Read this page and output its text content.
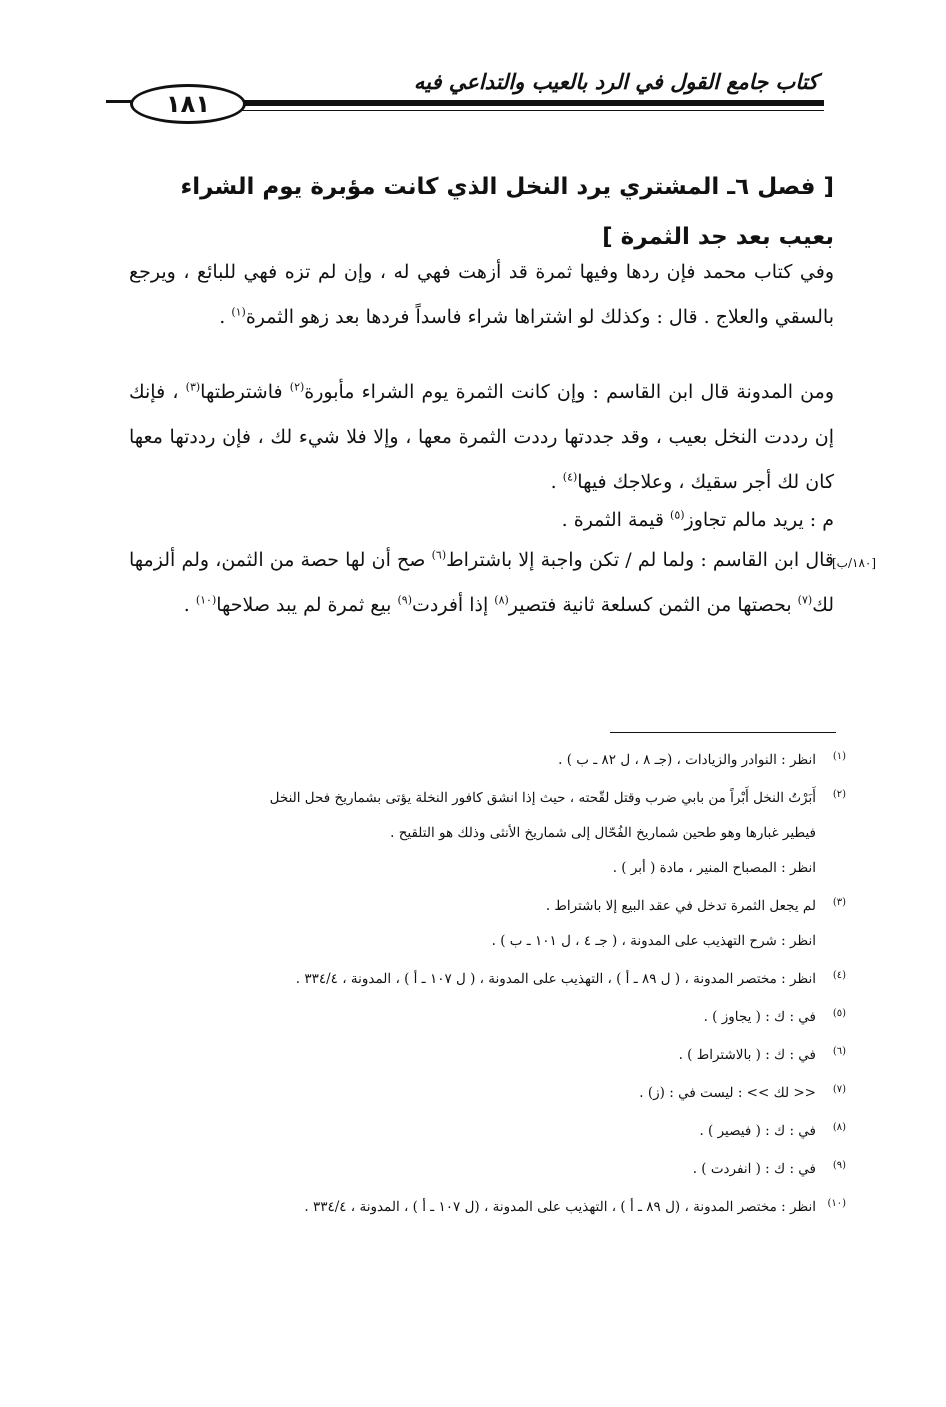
كتاب جامع القول في الرد بالعيب والتداعي فيه
١٨١
[ فصل ٦ـ المشتري يرد النخل الذي كانت مؤبرة يوم الشراء بعيب بعد جد الثمرة ]
وفي كتاب محمد فإن ردها وفيها ثمرة قد أزهت فهي له ، وإن لم تزه فهي للبائع ، ويرجع بالسقي والعلاج . قال : وكذلك لو اشتراها شراء فاسداً فردها بعد زهو الثمرة$^{(١)}$ .
ومن المدونة قال ابن القاسم : وإن كانت الثمرة يوم الشراء مأبورة$^{(٢)}$ فاشترطتها$^{(٣)}$ ، فإنك إن رددت النخل بعيب ، وقد جددتها رددت الثمرة معها ، وإلا فلا شيء لك ، فإن رددتها معها كان لك أجر سقيك ، وعلاجك فيها$^{(٤)}$ .
م : يريد مالم تجاوز$^{(٥)}$ قيمة الثمرة .
[١٨٠/ب]
قال ابن القاسم : ولما لم / تكن واجبة إلا باشتراط$^{(٦)}$ صح أن لها حصة من الثمن، ولم ألزمها لك$^{(٧)}$ بحصتها من الثمن كسلعة ثانية فتصير$^{(٨)}$ إذا أفردت$^{(٩)}$ بيع ثمرة لم يبد صلاحها$^{(١٠)}$ .
(١)
انظر : النوادر والزيادات ، (جـ ٨ ، ل ٨٢ ـ ب ) .
(٢)
أَبَرْتُ النخل أَبْراً من بابي ضرب وقتل لقّحته ، حيث إذا انشق كافور النخلة يؤتى بشماريخ فحل النخل
فيطير غبارها وهو طحين شماريخ الفُحّال إلى شماريخ الأنثى وذلك هو التلقيح .
انظر : المصباح المنير ، مادة ( أبر ) .
(٣)
لم يجعل الثمرة تدخل في عقد البيع إلا باشتراط .
انظر : شرح التهذيب على المدونة ، ( جـ ٤ ، ل ١٠١ ـ ب ) .
(٤)
انظر : مختصر المدونة ، ( ل ٨٩ ـ أ ) ، التهذيب على المدونة ، ( ل ١٠٧ ـ أ ) ، المدونة ، ٣٣٤/٤ .
(٥)
في : ك : ( يجاوز ) .
(٦)
في : ك : ( بالاشتراط ) .
(٧)
<< لك >> : ليست في : (ز) .
(٨)
في : ك : ( فيصير ) .
(٩)
في : ك : ( انفردت ) .
(١٠)
انظر : مختصر المدونة ، (ل ٨٩ ـ أ ) ، التهذيب على المدونة ، (ل ١٠٧ ـ أ ) ، المدونة ، ٣٣٤/٤ .
